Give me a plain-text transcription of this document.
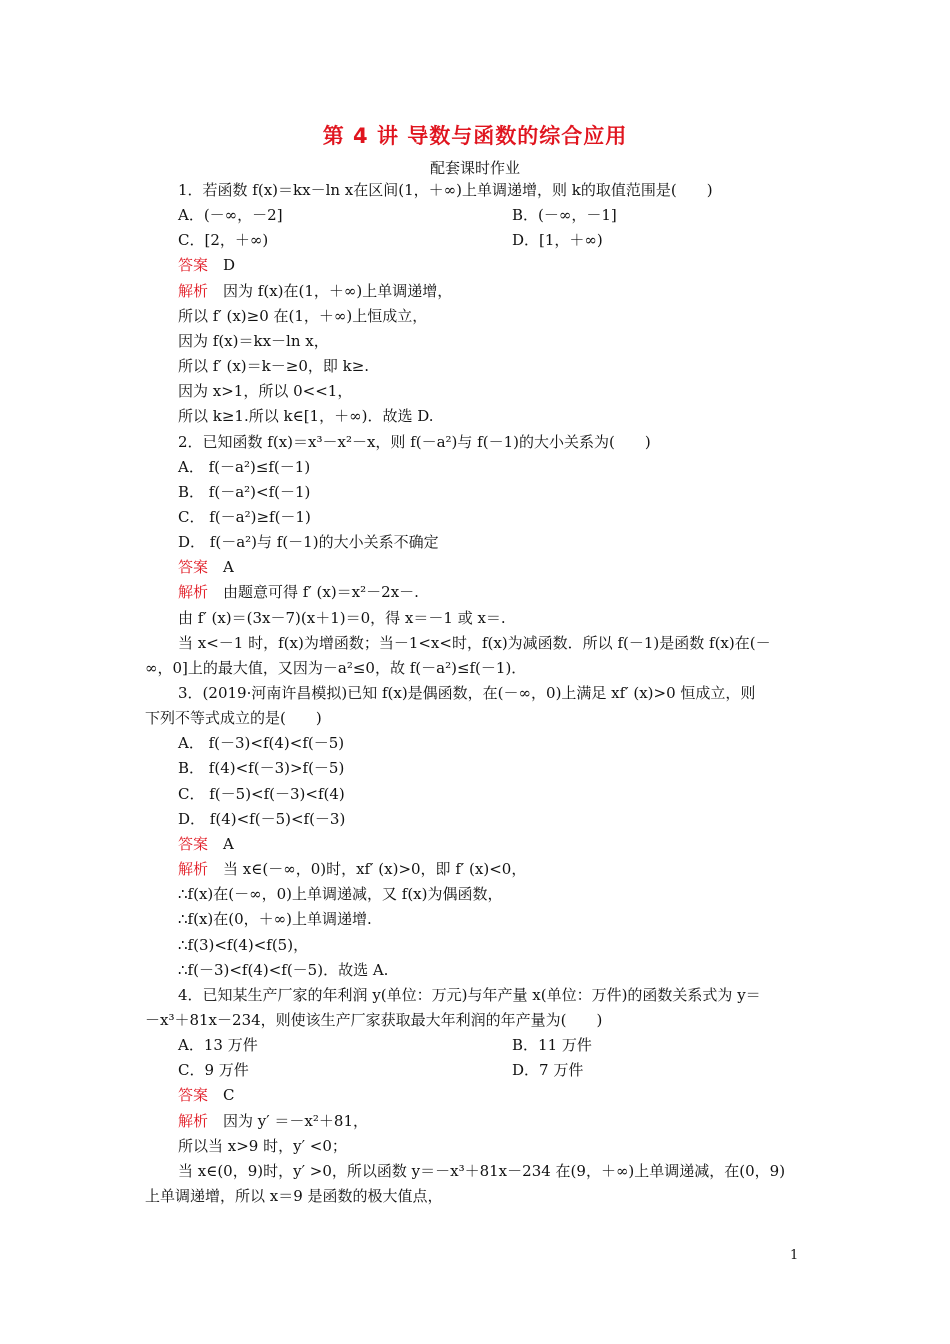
第 4 讲 导数与函数的综合应用
配套课时作业
1．若函数 f(x)＝kx－ln x在区间(1，＋∞)上单调递增，则 k的取值范围是(　　)
A．(－∞，－2]	B．(－∞，－1]
C．[2，＋∞)	D．[1，＋∞)
答案　D
解析　因为 f(x)在(1，＋∞)上单调递增，
所以 f′ (x)≥0 在(1，＋∞)上恒成立，
因为 f(x)＝kx－ln x，
所以 f′ (x)＝k－≥0，即 k≥.
因为 x>1，所以 0<<1，
所以 k≥1.所以 k∈[1，＋∞)．故选 D.
2．已知函数 f(x)＝x³－x²－x，则 f(－a²)与 f(－1)的大小关系为(　　)
A． f(－a²)≤f(－1)
B． f(－a²)<f(－1)
C． f(－a²)≥f(－1)
D． f(－a²)与 f(－1)的大小关系不确定
答案　A
解析　由题意可得 f′ (x)＝x²－2x－.
由 f′ (x)＝(3x－7)(x＋1)＝0，得 x＝－1 或 x＝.
当 x<－1 时，f(x)为增函数；当－1<x<时，f(x)为减函数．所以 f(－1)是函数 f(x)在(－
∞，0]上的最大值，又因为－a²≤0，故 f(－a²)≤f(－1)．
3．(2019·河南许昌模拟)已知 f(x)是偶函数，在(－∞，0)上满足 xf′ (x)>0 恒成立，则
下列不等式成立的是(　　)
A． f(－3)<f(4)<f(－5)
B． f(4)<f(－3)>f(－5)
C． f(－5)<f(－3)<f(4)
D． f(4)<f(－5)<f(－3)
答案　A
解析　当 x∈(－∞，0)时，xf′ (x)>0，即 f′ (x)<0，
∴f(x)在(－∞，0)上单调递减，又 f(x)为偶函数，
∴f(x)在(0，＋∞)上单调递增.
∴f(3)<f(4)<f(5)，
∴f(－3)<f(4)<f(－5)．故选 A.
4．已知某生产厂家的年利润 y(单位：万元)与年产量 x(单位：万件)的函数关系式为 y＝
－x³＋81x－234，则使该生产厂家获取最大年利润的年产量为(　　)
A．13 万件	B．11 万件
C．9 万件	D．7 万件
答案　C
解析　因为 y′ ＝－x²＋81，
所以当 x>9 时，y′ <0；
当 x∈(0，9)时，y′ >0，所以函数 y＝－x³＋81x－234 在(9，＋∞)上单调递减，在(0，9)
上单调递增，所以 x＝9 是函数的极大值点，
1
